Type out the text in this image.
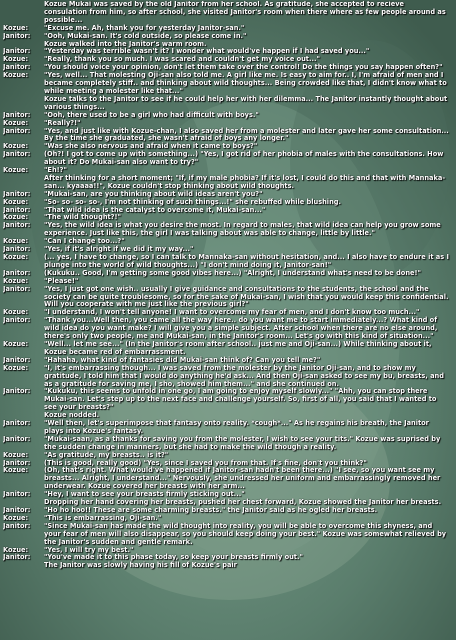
Kozue Mukai was saved by the old Janitor from her school. As gratitude, she accepted to recieve consulation from him, so after school, she visited Janitor's room when there where as few people around as possible...
Kozue:	"Excuse me. Ah, thank you for yesterday Janitor-san."
Janitor:	"Ooh, Mukai-san. It's cold outside, so please come in."
Kozue walked into the Janitor's warm room.
Janitor:	"Yesterday was terrible wasn't it? I wonder what would've happen if I had saved you..."
Kozue:	"Really, thank you so much. I was scared and couldn't get my voice out..."
Janitor:	"You should voice your opinion, don't let them take over the control! Do the things you say happen often?"
Kozue:	"Yes, well... That molesting Oji-san also told me. A girl like me. Is easy to aim for.. I, I'm afraid of men and I became completely stiff.. and thinking about wild thoughts... Being crowded like that, I didn't know what to while meeting a molester like that..."
Kozue talks to the Janitor to see if he could help her with her dilemma... The Janitor instantly thought about various things...
Janitor:	"Ooh, there used to be a girl who had difficult with boys."
Kozue:	"Really?!"
Janitor:	"Yes, and just like with Kozue-chan, I also saved her from a molester and later gave her some consultation... By the time she graduated, she wasn't afraid of boys any longer."
Kozue:	"Was she also nervous and afraid when it came to boys?"
Janitor:	(Oh?! I got to come up with something...) "Yes, I got rid of her phobia of males with the consultations. How about it? Do Mukai-san also want to try?"
Kozue:	"Eh!?"
After thinking for a short moment; "If, if my male phobia? If it's lost, I could do this and that with Mannaka-san... kyaaaa!!", Kozue couldn't stop thinking about wild thoughts.
Janitor:	"Mukai-san, are you thinking about wild ideas aren't you?"
Kozue:	"So- so- so- so-, I'm not thinking of such things...!" she rebuffed while blushing.
Janitor:	"That wild idea is the catalyst to overcome it, Mukai-san..."
Kozue:	"The wild thought?!"
Janitor:	"Yes, the wild idea is what you desire the most. In regard to males, that wild idea can help you grow some experience. Just like this, the girl I was talking about was able to change, little by little."
Kozue:	"Can I change too...?"
Janitor:	"Yes, if it's alright if we did it my way..."
Kozue:	(... yes, I have to change, so I can talk to Mannaka-san without hesitation, and... I also have to endure it as I plunge into the world of wild thoughts...) "I don't mind doing it, Janitor-san!"
Janitor:	(Kukuku.. Good, I'm getting some good vibes here...) "Alright, I understand what's need to be done!"
Kozue:	"Please!"
Janitor:	"Yes, I just got one wish.. usually I give guidance and consultations to the students, the school and the society can be quite troublesome, so for the sake of Mukai-san, I wish that you would keep this confidential. Will you cooperate with me just like the previous girl?"
Kozue:	"I understand, I won't tell anyone! I want to overcome my fear of men, and I don't know too much..."
Janitor:	"Thank you...Well then, you came all the way here.. do you want me to start immediately...? What kind of wild idea do you want make? I will give you a simple subject. After school when there are no else around, there's only two people, me and Mukai-san, in the Janitor's room... Let's go with this kind of situation..."
Kozue:	"Well... let me see..." (In the Janitor's room after school.. just me and Oji-san...) While thinking about it, Kozue became red of embarrassment.
Janitor:	"Hahaha, what kind of fantasies did Mukai-san think of? Can you tell me?"
Kozue:	"I, it's embarrassing though... I was saved from the molester by the Janitor Oji-san, and to show my gratitude, I told him that I would do anything he'd ask... And then Oji-san asked to see my bu, breasts, and as a gratitude for saving me, I sho, showed him them..." and she continued on.
Janitor:	"Kukuku, this seems to unfold in one go, I am going to enjoy myself slowly..." "Ahh, you can stop there Mukai-san. Let's step up to the next face and challenge yourself. So, first of all, you said that I wanted to see your breasts?"
Kozue nodded.
Janitor:	"Well then, let's superimpose that fantasy onto reality. *cough*..." As he regains his breath, the Janitor plays into Kozue's fantasy.
Janitor:	"Mukai-saan, as a thanks for saving you from the molester, I wish to see your tits." Kozue was suprised by the sudden change in manners, but she had to make the wild though a reality.
Kozue:	"As gratitude, my breasts.. is it?"
Janitor:	(This is good, really good) "Yes, since I saved you from that. If's fine, don't you think?"
Kozue:	(Oh, that's right. What would've happened if Janitor-san hadn't been there...) "I see, so you want see my breasts... Alright, I understand..." Nervously, she undressed her uniform and embarrassingly removed her underwear. Kozue covered her breasts with her arm...
Janitor:	"Hey, I want to see your breasts firmly sticking out..."
Dropping her hand covering her breasts, pushed her chest forward, Kozue showed the Janitor her breasts.
Janitor:	"Ho ho hoo!! These are some charming breasts." the Janitor said as he ogled her breasts.
Kozue:	"This is embarrassing, Oji-san."
Janitor:	"Since Mukai-san has made the wild thought into reality, you will be able to overcome this shyness, and your fear of men will also disappear, so you should keep doing your best." Kozue was somewhat relieved by the Janitor's sudden and gentle remark.
Kozue:	"Yes, I will try my best."
Janitor:	"You've made it to this phase today, so keep your breasts firmly out."
The Janitor was slowly having his fill of Kozue's pair
